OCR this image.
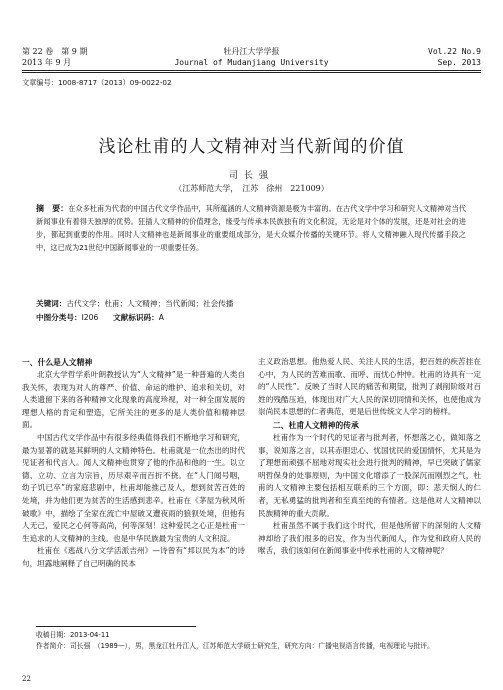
第 22 卷　第 9 期
2013 年 9 月
牡丹江大学学报
Journal of Mudanjiang University
Vol.22 No.9
Sep. 2013
文章编号：1008-8717（2013）09-0022-02
浅论杜甫的人文精神对当代新闻的价值
司长强
（江苏师范大学，　江苏　徐州　221009）
摘　要：在众多杜甫为代表的中国古代文学作品中，其所蕴涵的人文精神资源是极为丰富的。在古代文学中学习和研究人文精神对当代新闻事业有着得天独厚的优势。狂插人文精神的价值理念，缘受与传承本民族独有的文化积淀，无论是对个体的发展，还是对社会的进步，都起到重要的作用。同时人文精神也是新闻事业的重要组成部分，是大众媒介传播的关键环节。将人文精神融入现代传播手段之中，这已成为21世纪中国新闻事业的一项重要任务。
关键词：古代文学；杜甫；人文精神；当代新闻；社会传播
中图分类号：I206 文献标识码：A
一、什么是人文精神

北京大学哲学系叶朗教授认为“人文精神”是一种普遍的人类自我关怀，表现为对人的尊严、价值、命运的维护、追求和关切，对人类遗留下来的各种精神文化现象的高度珍视，对一种全面发展的理想人格的肯定和塑造，它所关注的更多的是人类价值和精神层面。

中国古代文学作品中有很多经典值得我们不断地学习和研究，最为显著的就是其鲜明的人文精神特色。杜甫就是一位杰出的时代见证者和代言人。闻人文精神也贯穿了他的作品和他的一生。以立德、立功、立言为宗旨，历尽艰辛而百折不挠。在“人门闻号咽，幼子饥已卒”的家庭悲剧中，杜甫却能推己及人，想到贫苦百姓的处境，并为他们更为贫苦的生活感到悲辛。杜甫在《茅屋为秋风所破歌》中，描绘了全家在流亡中屋破又遭夜雨的狼狈处境，但他有人无己，爱民之心何等高尚，何等深刻！这种爱民之心正是杜甫一生追求的人文精神的主线。也是中华民族最为宝贵的人文积淀。

杜甫在《逃战八分文学活派吉州》—诗曾有“邦以民为本”的诗句，坦露地阐释了自己明确的民本

主义政治思想。他热爱人民、关注人民的生活，把百姓的疾苦挂在心中，为人民的苦难而歌、而呼、而忧心忡忡。杜甫的诗具有一定的“人民性”。反映了当时人民的痛苦和期望，批判了剥削阶级对百姓的残酷压迫，体现出对广大人民的深切同情和关怀，也使他成为崇尚民本思想的仁者典范，更是后世传统文人学习的榜样。

二、杜甫人文精神的传承

杜甫作为一个时代的见证者与批判者，怀想落之心，做知落之事，说知落之言，以其赤胆忠心、忧国忧民的爱国情怀，尤其是为了理想而顽强不屈地对现实社会进行批判的精神，早已突破了儒家明哲保身的处事原则，为中国文化增添了一股深沉而刚烈之气，杜甫的人文精神主要包括相互联系的三个方面，即：悲天悯人的仁者，无私勇猛的批判者和至真至纯的有情者。这是他对人文精神以民族精神的重大贡献。

杜甫虽然不属于我们这个时代，但是他所留下的深刻的人文精神却给了我们很多的启发，作为当代新闻人，作为党和政府人民的喉舌，我们该如何在新闻事业中传承杜甫的人文精神呢？

收稿日期：2013-04-11
作者简介：司长强　（1989—），男，黑龙江牡丹江人，江苏师范大学硕士研究生，研究方向：广播电视语言传播，电视理论与批评。
22
